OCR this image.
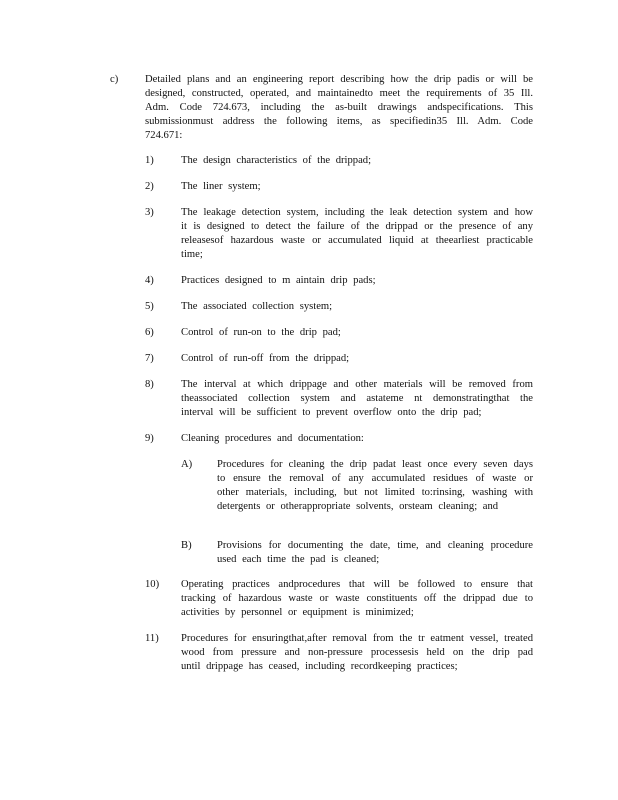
c)	Detailed plans and an engineering report describing how the drip padis or will be designed, constructed, operated, and maintainedto meet the requirements of 35 Ill. Adm. Code 724.673, including the as-built drawings andspecifications. This submissionmust address the following items, as specifiedin35 Ill. Adm. Code 724.671:
1)	The design characteristics of the drippad;
2)	The liner system;
3)	The leakage detection system, including the leak detection system and how it is designed to detect the failure of the drippad or the presence of any releasesof hazardous waste or accumulated liquid at theearliest practicable time;
4)	Practices designed to m aintain drip pads;
5)	The associated collection system;
6)	Control of run-on to the drip pad;
7)	Control of run-off from the drippad;
8)	The interval at which drippage and other materials will be removed from theassociated collection system and astateme nt demonstratingthat the interval will be sufficient to prevent overflow onto the drip pad;
9)	Cleaning procedures and documentation:
A) Procedures for cleaning the drip padat least once every seven days to ensure the removal of any accumulated residues of waste or other materials, including, but not limited to:rinsing, washing with detergents or otherappropriate solvents, orsteam cleaning; and
B) Provisions for documenting the date, time, and cleaning procedure used each time the pad is cleaned;
10) Operating practices andprocedures that will be followed to ensure that tracking of hazardous waste or waste constituents off the drippad due to activities by personnel or equipment is minimized;
11) Procedures for ensuringthat,after removal from the tr eatment vessel, treated wood from pressure and non-pressure processesis held on the drip pad until drippage has ceased, including recordkeeping practices;
